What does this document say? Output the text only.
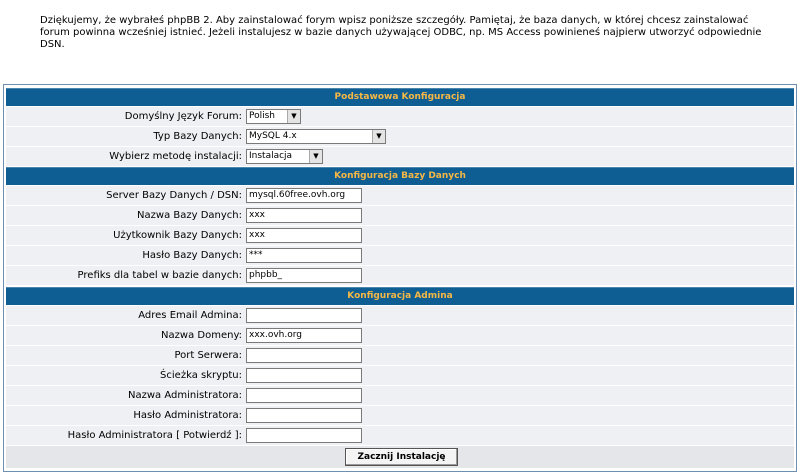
Dziękujemy, że wybrałeś phpBB 2. Aby zainstalować forym wpisz poniższe szczegóły. Pamiętaj, że baza danych, w której chcesz zainstalować forum powinna wcześniej istnieć. Jeżeli instalujesz w bazie danych używającej ODBC, np. MS Access powinieneś najpierw utworzyć odpowiednie DSN.
Podstawowa Konfiguracja
Domyślny Język Forum: Polish	▼
Typ Bazy Danych: MySQL 4.x	▼
Wybierz metodę instalacji: Instalacja	▼
Konfiguracja Bazy Danych
Server Bazy Danych / DSN: mysql.60free.ovh.org
Nazwa Bazy Danych: xxx
Użytkownik Bazy Danych: xxx
Hasło Bazy Danych: ***
Prefiks dla tabel w bazie danych: phpbb_
Konfiguracja Admina
Adres Email Admina:
Nazwa Domeny: xxx.ovh.org
Port Serwera:
Ścieżka skryptu:
Nazwa Administratora:
Hasło Administratora:
Hasło Administratora [ Potwierdź ]:
Zacznij Instalację
